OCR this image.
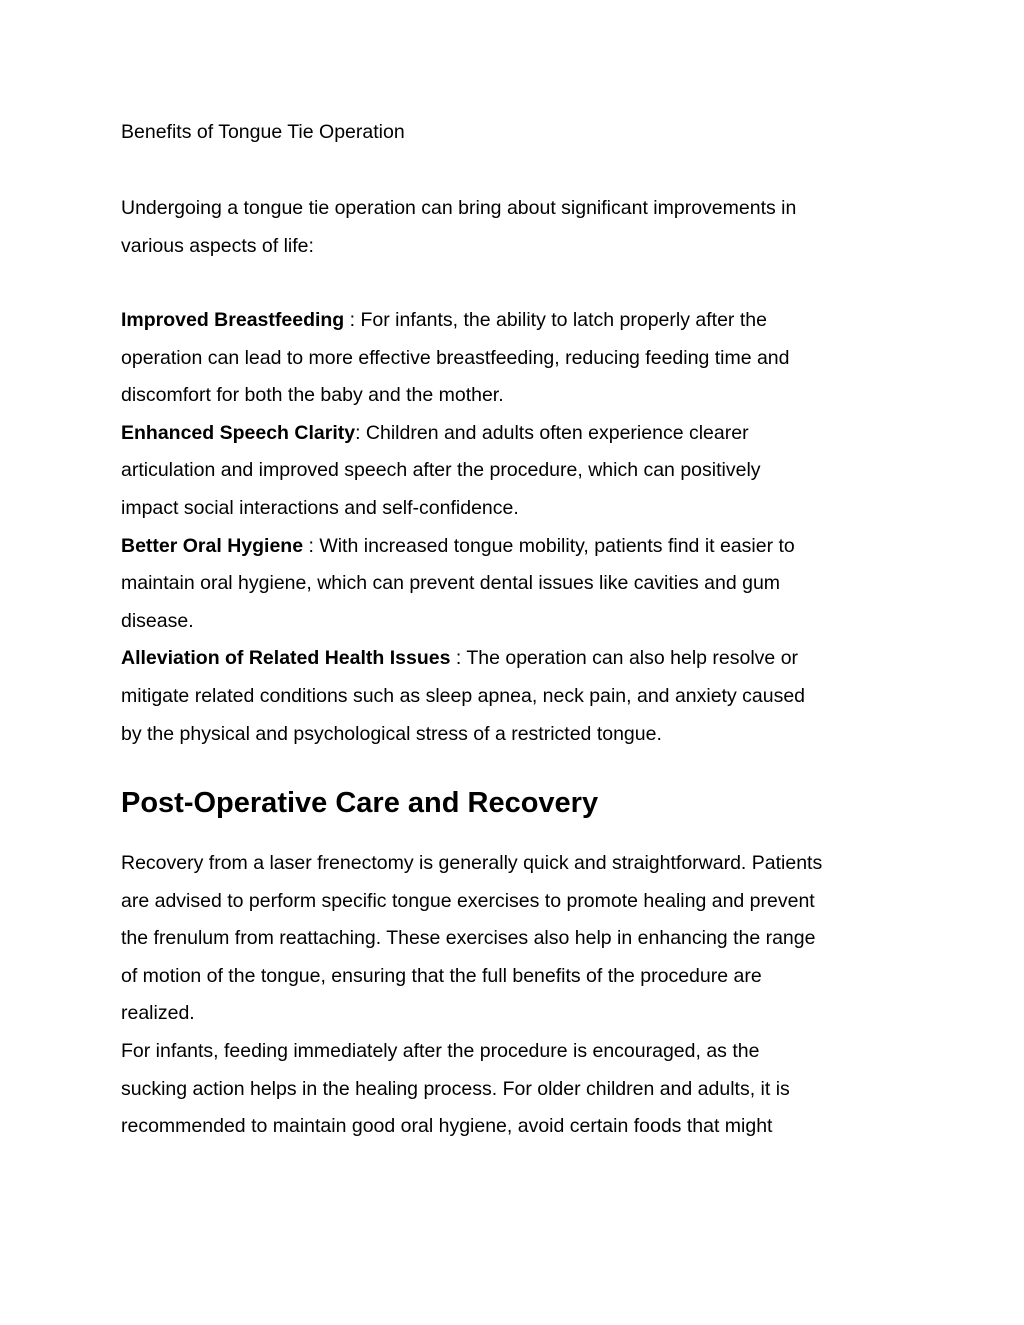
Benefits of Tongue Tie Operation
Undergoing a tongue tie operation can bring about significant improvements in
various aspects of life:
Improved Breastfeeding : For infants, the ability to latch properly after the
operation can lead to more effective breastfeeding, reducing feeding time and
discomfort for both the baby and the mother.
Enhanced Speech Clarity: Children and adults often experience clearer
articulation and improved speech after the procedure, which can positively
impact social interactions and self-confidence.
Better Oral Hygiene : With increased tongue mobility, patients find it easier to
maintain oral hygiene, which can prevent dental issues like cavities and gum
disease.
Alleviation of Related Health Issues : The operation can also help resolve or
mitigate related conditions such as sleep apnea, neck pain, and anxiety caused
by the physical and psychological stress of a restricted tongue.
Post-Operative Care and Recovery
Recovery from a laser frenectomy is generally quick and straightforward. Patients
are advised to perform specific tongue exercises to promote healing and prevent
the frenulum from reattaching. These exercises also help in enhancing the range
of motion of the tongue, ensuring that the full benefits of the procedure are
realized.
For infants, feeding immediately after the procedure is encouraged, as the
sucking action helps in the healing process. For older children and adults, it is
recommended to maintain good oral hygiene, avoid certain foods that might
